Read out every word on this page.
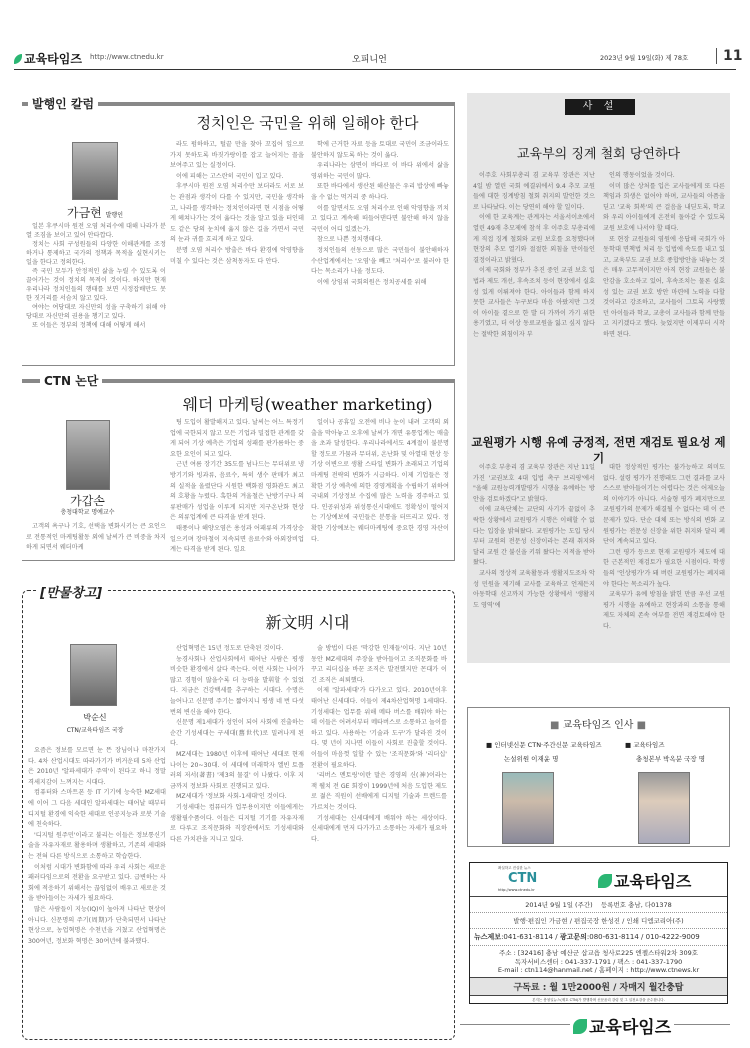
교육타임즈 http://www.ctnedu.kr	오피니언	2023년 9월 19일(화) 제 78호	11
발행인 칼럼
정치인은 국민을 위해 일해야 한다
가금현 발행인

일본 후쿠시마 원전 오염 처리수에 대해 나라가 분열 조짐을 보이고 있어 안타깝다.

정치는 사회 구성원들의 다양한 이해관계를 조정하거나 통제하고 국가의 정책과 목적을 실현시키는 일을 한다고 정의한다.

즉 국민 모두가 안정적인 삶을 누릴 수 있도록 이끌어가는 것이 정치의 목적이 것이다. 하지만 현재 우리나라 정치인들의 행태를 보면 시정잡배만도 못한 짓거리를 서슴치 않고 있다.

여야는 여당대로 자신만의 성을 구축하기 위해 야당대로 자신만의 권용을 챙기고 있다.

또 이들은 정부의 정책에 대해 어떻게 해서

라도 펌하하고, 털끝 만을 찾아 꼬집어 잎으로 가지 못하도록 바짓가랑이를 잡고 늘어지는 꼴을 보여주고 있는 실정이다.

이에 피해는 고스란히 국민이 입고 있다.

후쿠시마 원전 오염 처리수만 보더라도 서로 보는 관점과 생각이 다를 수 있지만, 국민을 생각하고, 나라를 생각하는 정치인이라면 현 시점을 어떻게 헤쳐나가는 것이 옳다는 것을 알고 있을 터인데도 같은 당의 눈치에 옳지 않은 길을 가면서 국민의 눈과 귀를 흐리게 하고 있다.

분명 오염 처리수 방출은 바다 환경에 악영향을 미칠 수 있다는 것은 삼척동자도 다 안다.

학에 근거한 자료 등을 토대로 국민이 조금이라도 불안하지 않도록 하는 것이 옳다.

우리나라는 삼면이 바다로 이 바다 위에서 삶을 영위하는 국민이 많다.

또한 바다에서 생산된 해산물은 우리 밥상에 빠놓을 수 없는 먹거리 중 하나다.

이를 알면서도 오염 처리수로 인해 악영향을 끼치고 있다고 계속해 떠들어댄다면 불안해 하지 않을 국민이 어디 있겠는가.

참으로 나쁜 정치행태다.

정치인들의 선동으로 많은 국민들이 불안해하자 수산업계에서는 '오염'을 빼고 '처리수'로 불러야 한다는 목소리가 나올 정도다.

이에 상임위 국회의원은 정치공세를 위해

CTN 논단
웨더 마케팅(weather marketing)
가갑손
충청대학교 명예교수

고객의 욕구나 기호, 선택을 변화시키는 큰 요인으로 전통적인 마케팅활동 외에 날씨가 큰 비중을 차지하게 되면서 웨더마케

팅 도입이 활발해지고 있다. 날씨는 어느 특정기업에 국한되지 않고 모든 기업과 밀접한 관계를 갖게 되어 기상 예측은 기업의 성패를 판가름하는 중요한 요인이 되고 있다.

근년 여름 장기간 35도를 넘나드는 무더위로 냉방기기와 빙과류, 음료수, 특히 생수 판매가 최고의 실적을 올렸단다 시원한 백화점 영화관도 최고의 호황을 누렸다. 혹한의 겨울철은 난방기구나 의류판매가 성업을 이루게 되지만 지구온난화 현상은 의류업계에 큰 타격을 받게 된다.

태풍이나 해양오염은 용성과 어패류의 가격상승 일으키며 장마철이 지속되면 음료수와 아외장비업계는 타격을 받게 된다. 일요

일이나 공휴일 오전에 비나 눈이 내려 고객의 외출을 막아놓고 오후에 날씨가 개면 유통업계는 매출을 초과 달성한다. 우리나라에서도 4계절이 불분명할 정도로 가뭄과 무더위, 온난화 및 아열대 현상 등 기상 이변으로 생활 스타일 변화가 초래되고 기업의 마케팅 전략의 변화가 시급하다. 이제 기업들은 정확한 기상 예측에 의한 경영계획을 수립하기 위하여 국내외 기상정보 수집에 많은 노력을 경주하고 있다. 인공위성과 위성통신시대에도 정확성이 떨어지는 기상예보에 국민들은 분통을 터뜨리고 있다. 정확한 기상예보는 웨더마케팅에 중요한 경영 자산이다.

[만물창고]
新文明 시대
박순신
CTN/교육타임즈 국장

요즘은 정보를 모르면 눈 뜬 장님이나 마찬가지다. 4차 산업시대도 따라가기가 버거운데 5차 산업은 2010년 '알파세대가 주역'이 된다고 하니 정말 격세지감이 느껴지는 시대다.

컴퓨터와 스마트폰 등 IT 기기에 능숙한 MZ세대에 이어 그 다음 세대인 알파세대는 태어날 때부터 디지털 환경에 익숙한 세대로 인공지능과 로봇 기술에 친숙하다.

'디지털 원주민'이라고 불리는 이들은 정보통신기술을 자유자재로 활용하며 생활하고, 기존의 세대와는 전혀 다른 방식으로 소통하고 학습한다.

이처럼 시대가 변화함에 따라 우리 사회는 새로운 패러다임으로의 전환을 요구받고 있다. 급변하는 사회에 적응하기 위해서는 끊임없이 배우고 새로운 것을 받아들이는 자세가 필요하다.

많은 사람들이 지능(IQ)이 높아져 나타난 현상이 아니다. 신문명의 주기(周期)가 단축되면서 나타난 현상으로, 농업혁명은 수천년을 거쳤고 산업혁명은 300여년, 정보화 혁명은 30여년에 불과했다.

산업혁명은 15년 정도로 단축된 것이다.

농경사회나 산업사회에서 태어난 사람은 평생 비슷한 환경에서 살다 죽는다. 이런 사회는 나이가 많고 경험이 많을수록 더 능력을 발휘할 수 있었다. 지금은 건강백세를 추구하는 시대다. 수명은 늘어나고 신문명 주기는 짧아지니 평생 네 번 다섯 번의 변신을 해야 한다.

신문명 제1세대가 성인이 되어 사회에 진출하는 순간 기성세대는 구세대(舊世代)로 밀려나게 된다.

MZ세대는 1980년 이후에 태어난 세대로 현재 나이는 20~30대. 이 세대에 미래학자 엘빈 토플러의 저서(著書) '제3의 물결' 이 나왔다. 이후 지금까지 정보화 사회로 진행되고 있다.

MZ세대가 '정보화 사회-1세대'인 것이다.

기성세대는 컴퓨터가 업무용이지만 이들에게는 생활필수품이다. 이들은 디지털 기기를 자유자재로 다루고 조직문화와 직장관에서도 기성세대와 다른 가치관을 지니고 있다.

술 방법이 다른 '막강한 인재들'이다. 지난 10년동안 MZ세대의 주장을 받아들이고 조직문화를 바꾸고 리더십을 바꾼 조직은 발전했지만 꼰대가 이긴 조직은 쇠퇴했다.

이제 '알파세대'가 다가오고 있다. 2010년이후 태어난 신세대다. 이들이 제4차산업혁명 1세대다. 기성세대는 업무를 위해 메타 버스를 배워야 하는데 이들은 어려서부터 메타버스로 소통하고 놀이를 하고 있다. 사용하는 '기술과 도구'가 달라진 것이다. 몇 년이 지나면 이들이 사회로 진출할 것이다. 이들이 마음껏 일할 수 있는 '조직문화'와 '리더십' 전환이 필요하다.

'리버스 멘토링'이란 말은 경영의 신(神)이라는 잭 웰치 전 GE 회장이 1999년에 처음 도입한 제도로 젊은 직원이 선배에게 디지털 기술과 트렌드를 가르치는 것이다.

기성세대는 신세대에게 배워야 하는 세상이다. 신세대에게 먼저 다가가고 소통하는 자세가 필요하다.

사 설
교육부의 징계 철회 당연하다

이주호 사회부총리 겸 교육부 장관은 지난 4일 밤 열린 국회 예결위에서 9.4 추모 교원들에 대한 징계방침 철회 취지의 발언한 것으로 나타났다. 이는 당연히 해야 할 일이다.

이에 한 교육계는 관계자는 서울서이초에서 열린 49재 추모제에 참석 후 이주호 부총리에게 직접 징계 철회와 교원 보호를 요청했다며 현장의 추모 열기와 절절한 외침을 만이들인 결정이라고 밝혔다.

이제 국회와 정부가 추진 중인 교권 보호 입법과 제도 개선, 후속조치 등이 현장에서 실효성 있게 이뤄져야 한다. 아이들과 함께 하지 못한 교사들은 누구보다 마음 아팠지만 그것이 아이들 곁으로 한 발 더 가까이 가기 위한 용기였고, 더 이상 동료교원을 잃고 싶지 않다는 절박한 외침이자 부

인의 행동이었을 것이다.

이미 많은 상처를 입은 교사들에게 또 다른 책임과 희생은 없어야 하며, 교사들의 아픔을 딛고 '교육 회복'의 큰 걸음을 내딛도록, 학교와 우리 아이들에게 온전히 돌아갈 수 있도록 교원 보호에 나서야 할 때다.

또 현장 교원들의 염원에 응답해 국회가 아동학대 면책법 처리 등 입법에 속도를 내고 있고, 교육부도 교권 보호 종합방안을 내놓는 것은 매우 고무적이지만 아직 현장 교원들은 불안감을 호소하고 있어, 후속조치는 물론 실효성 있는 교권 보호 방안 마련에 노력을 다할 것이라고 강조하고, 교사들이 그토록 사랑했던 아이들과 학교, 교총이 교사들과 함께 만들고 지키겠다고 했다. 늦었지만 이제부터 시작하면 된다.

교원평가 시행 유예 긍정적, 전면 재검토 필요성 제기

이주호 부총리 겸 교육부 장관은 지난 11일 가진 '교권보호 4대 입법 촉구 브리핑'에서 "올해 교원능력개발평가 시행을 유예하는 방안을 검토하겠다"고 밝혔다.

이에 교육단체는 교단의 사기가 끝없이 추락한 상황에서 교원평가 시행은 이해할 수 없다는 입장을 밝혀왔다. 교원평가는 도입 당시부터 교원의 전문성 신장이라는 본래 취지와 달리 교원 간 불신을 키워 왔다는 지적을 받아왔다.

교사의 정상적 교육활동과 생활지도조차 악성 민원을 제기해 교사를 교육하고 언제든지 아동학대 신고까지 가능한 상황에서 '생활지도 영역'에

대한 정상적인 평가는 불가능하고 의미도 없다. 설령 평가가 진행돼도 그런 결과를 교사 스스로 받아들이기는 어렵다는 것은 어제오늘의 이야기가 아니다. 서술형 평가 폐지만으로 교원평가의 문제가 해결될 수 없다는 데 이 큰 문제가 있다. 단순 대체 또는 방식의 변화 교원평가는 전문성 신장을 위한 취지와 달리 폐단이 계속되고 있다.

그런 평가 등으로 현재 교원평가 제도에 대한 근본적인 재검토가 필요한 시점이다. 학생들의 '인상평가'가 돼 버린 교원평가는 폐지돼야 한다는 목소리가 높다.

교육부가 유예 방침을 밝힌 만큼 우선 교원평가 시행을 유예하고 현장과의 소통을 통해 제도 자체의 존속 여부를 전면 재검토해야 한다.

■ 교육타임즈 인사 ■
■ 인터넷신문 CTN·주간신문 교육타임즈
논설위원 이재윤 명
■ 교육타임즈
충청본부 박옥분 국장 명
확실하고 진실한 뉴스
CTN
http://www.ctnedu.kr	교육타임즈
2014년 9월 1일 (주간) 등록번호 충남, 다01378
발행·편집인 가금현 / 편집국장 한성진 / 인쇄 디엠코리아(주)
뉴스제보:041-631-8114 / 광고문의:080-631-8114 / 010-4222-9009
주소 : [32416] 충남 예산군 삽교읍 청사로225 엔젤스타워2차 309호
독자서비스센터 : 041-337-1791 / 팩스 : 041-337-1790
E-mail : ctn114@hanmail.net / 홈페이지 : http://www.ctnews.kr
구독료 : 월 1만2000원 / 자매지 월간충탑
본지는 충청일뉴스(제호 CTN)가 발행하며 신문윤리 강령 및 그 실천요강을 준수합니다.
교육타임즈
